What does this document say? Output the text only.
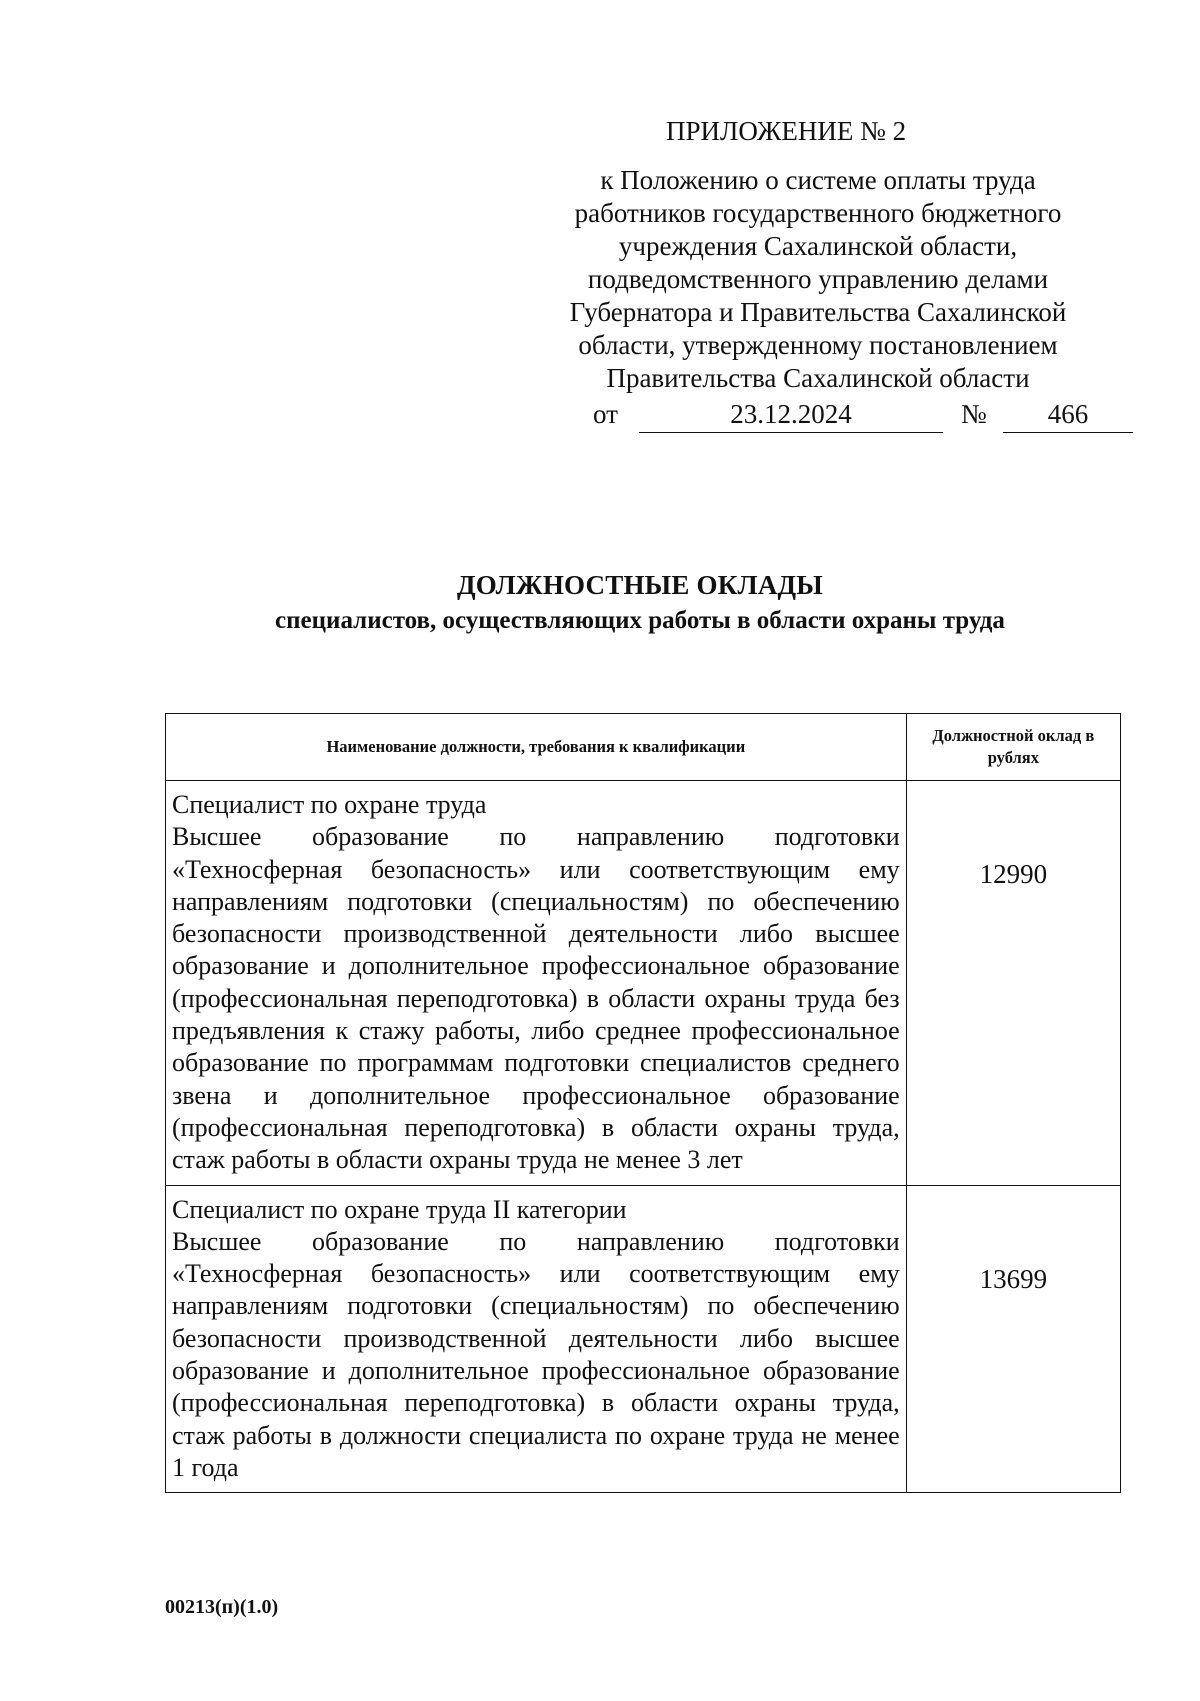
ПРИЛОЖЕНИЕ № 2

к Положению о системе оплаты труда

работников государственного бюджетного

учреждения Сахалинской области,

подведомственного управлению делами

Губернатора и Правительства Сахалинской

области, утвержденному постановлением

Правительства Сахалинской области

от	23.12.2024	№	466

ДОЛЖНОСТНЫЕ ОКЛАДЫ

специалистов, осуществляющих работы в области охраны труда

Наименование должности, требования к квалификации	Должностной оклад в рублях

Специалист по охране труда
Высшее образование по направлению подготовки «Техносферная безопасность» или соответствующим ему направлениям подготовки (специальностям) по обеспечению безопасности производственной деятельности либо высшее образование и дополнительное профессиональное образование (профессиональная переподготовка) в области охраны труда без предъявления к стажу работы, либо среднее профессиональное образование по программам подготовки специалистов среднего звена и дополнительное профессиональное образование (профессиональная переподготовка) в области охраны труда, стаж работы в области охраны труда не менее 3 лет	12990

Специалист по охране труда II категории
Высшее образование по направлению подготовки «Техносферная безопасность» или соответствующим ему направлениям подготовки (специальностям) по обеспечению безопасности производственной деятельности либо высшее образование и дополнительное профессиональное образование (профессиональная переподготовка) в области охраны труда, стаж работы в должности специалиста по охране труда не менее 1 года	13699
00213(п)(1.0)
